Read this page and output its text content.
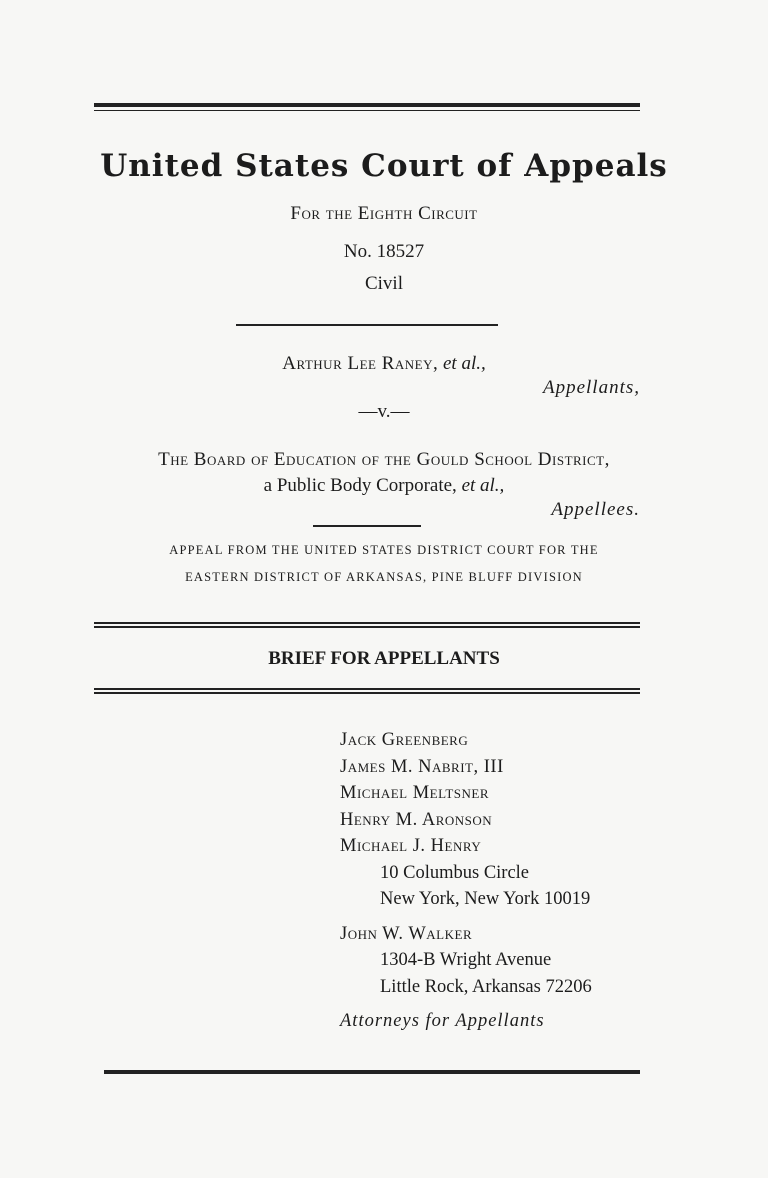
United States Court of Appeals
For the Eighth Circuit
No. 18527
Civil
Arthur Lee Raney, et al.,
Appellants,
—v.—
The Board of Education of the Gould School District,
a Public Body Corporate, et al.,
Appellees.
APPEAL FROM THE UNITED STATES DISTRICT COURT FOR THE
EASTERN DISTRICT OF ARKANSAS, PINE BLUFF DIVISION
BRIEF FOR APPELLANTS
Jack Greenberg
James M. Nabrit, III
Michael Meltsner
Henry M. Aronson
Michael J. Henry
10 Columbus Circle
New York, New York 10019
John W. Walker
1304-B Wright Avenue
Little Rock, Arkansas 72206
Attorneys for Appellants
